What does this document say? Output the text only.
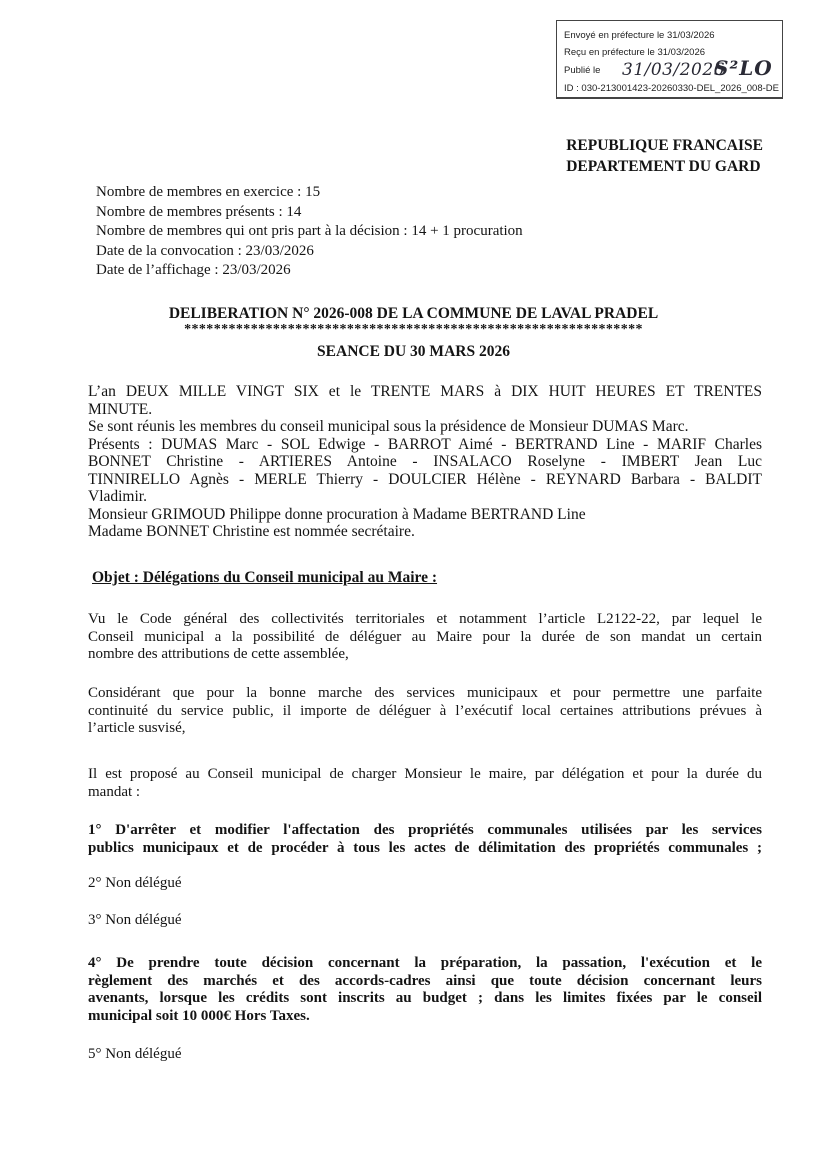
Envoyé en préfecture le 31/03/2026
Reçu en préfecture le 31/03/2026
Publié le 31/03/2026
S²LO
ID : 030-213001423-20260330-DEL_2026_008-DE
REPUBLIQUE FRANCAISE
DEPARTEMENT DU GARD
Nombre de membres en exercice : 15
Nombre de membres présents : 14
Nombre de membres qui ont pris part à la décision : 14 + 1 procuration
Date de la convocation : 23/03/2026
Date de l’affichage : 23/03/2026
DELIBERATION N° 2026-008 DE LA COMMUNE DE LAVAL PRADEL
**************************************************************
SEANCE DU 30 MARS 2026
L’an DEUX MILLE VINGT SIX et le TRENTE MARS à DIX HUIT HEURES ET TRENTES
MINUTE.
Se sont réunis les membres du conseil municipal sous la présidence de Monsieur DUMAS Marc.
Présents : DUMAS Marc - SOL Edwige - BARROT Aimé - BERTRAND Line - MARIF Charles
BONNET Christine - ARTIERES Antoine - INSALACO Roselyne - IMBERT Jean Luc
TINNIRELLO Agnès - MERLE Thierry - DOULCIER Hélène - REYNARD Barbara - BALDIT
Vladimir.
Monsieur GRIMOUD Philippe donne procuration à Madame BERTRAND Line
Madame BONNET Christine est nommée secrétaire.
Objet : Délégations du Conseil municipal au Maire :
Vu le Code général des collectivités territoriales et notamment l’article L2122-22, par lequel le
Conseil municipal a la possibilité de déléguer au Maire pour la durée de son mandat un certain
nombre des attributions de cette assemblée,
Considérant que pour la bonne marche des services municipaux et pour permettre une parfaite
continuité du service public, il importe de déléguer à l’exécutif local certaines attributions prévues à
l’article susvisé,
Il est proposé au Conseil municipal de charger Monsieur le maire, par délégation et pour la durée du
mandat :
1° D'arrêter et modifier l'affectation des propriétés communales utilisées par les services
publics municipaux et de procéder à tous les actes de délimitation des propriétés communales ;
2° Non délégué
3° Non délégué
4° De prendre toute décision concernant la préparation, la passation, l'exécution et le
règlement des marchés et des accords-cadres ainsi que toute décision concernant leurs
avenants, lorsque les crédits sont inscrits au budget ; dans les limites fixées par le conseil
municipal soit 10 000€ Hors Taxes.
5° Non délégué
